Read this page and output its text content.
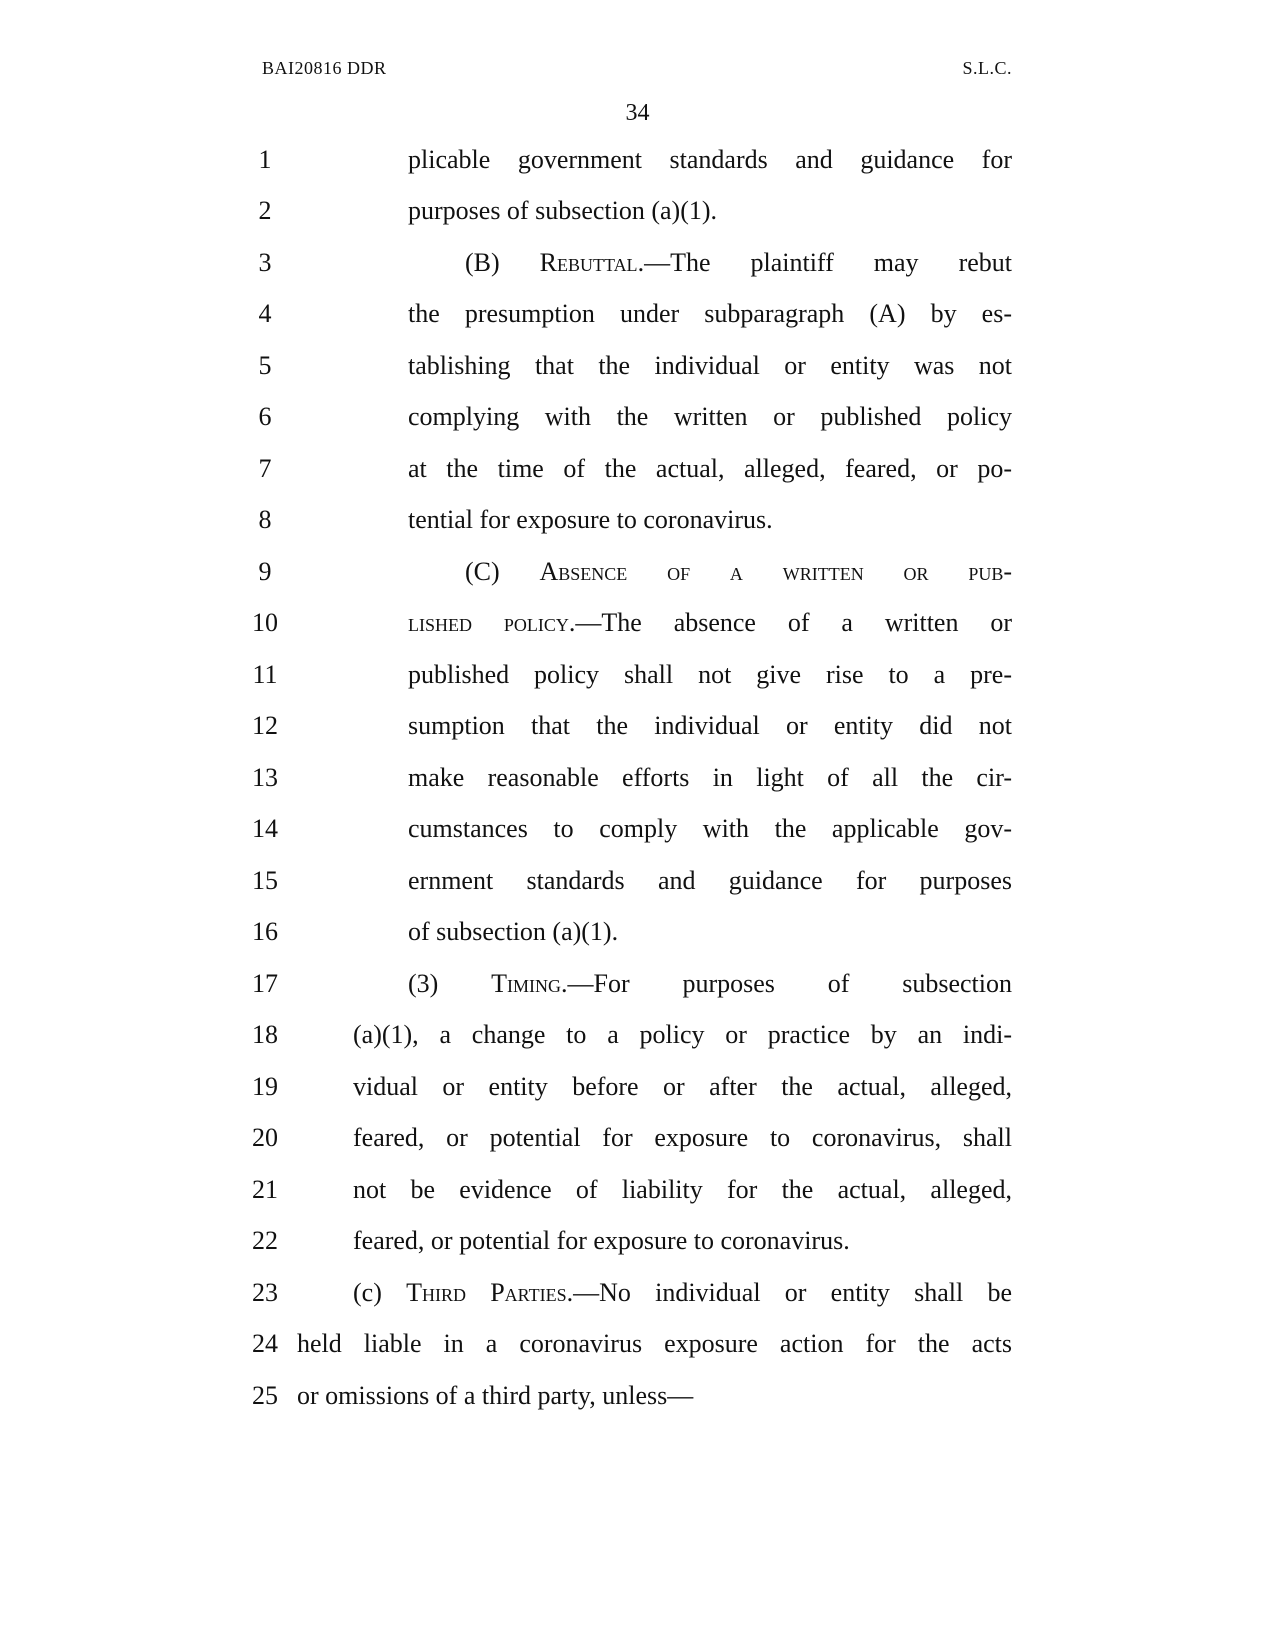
BAI20816 DDR	S.L.C.
34
1	plicable government standards and guidance for
2	purposes of subsection (a)(1).
3	(B) Rebuttal.—The plaintiff may rebut
4	the presumption under subparagraph (A) by es-
5	tablishing that the individual or entity was not
6	complying with the written or published policy
7	at the time of the actual, alleged, feared, or po-
8	tential for exposure to coronavirus.
9	(C) Absence of a written or pub-
10	lished policy.—The absence of a written or
11	published policy shall not give rise to a pre-
12	sumption that the individual or entity did not
13	make reasonable efforts in light of all the cir-
14	cumstances to comply with the applicable gov-
15	ernment standards and guidance for purposes
16	of subsection (a)(1).
17	(3) Timing.—For purposes of subsection
18	(a)(1), a change to a policy or practice by an indi-
19	vidual or entity before or after the actual, alleged,
20	feared, or potential for exposure to coronavirus, shall
21	not be evidence of liability for the actual, alleged,
22	feared, or potential for exposure to coronavirus.
23	(c) Third Parties.—No individual or entity shall be
24 held liable in a coronavirus exposure action for the acts
25 or omissions of a third party, unless—
